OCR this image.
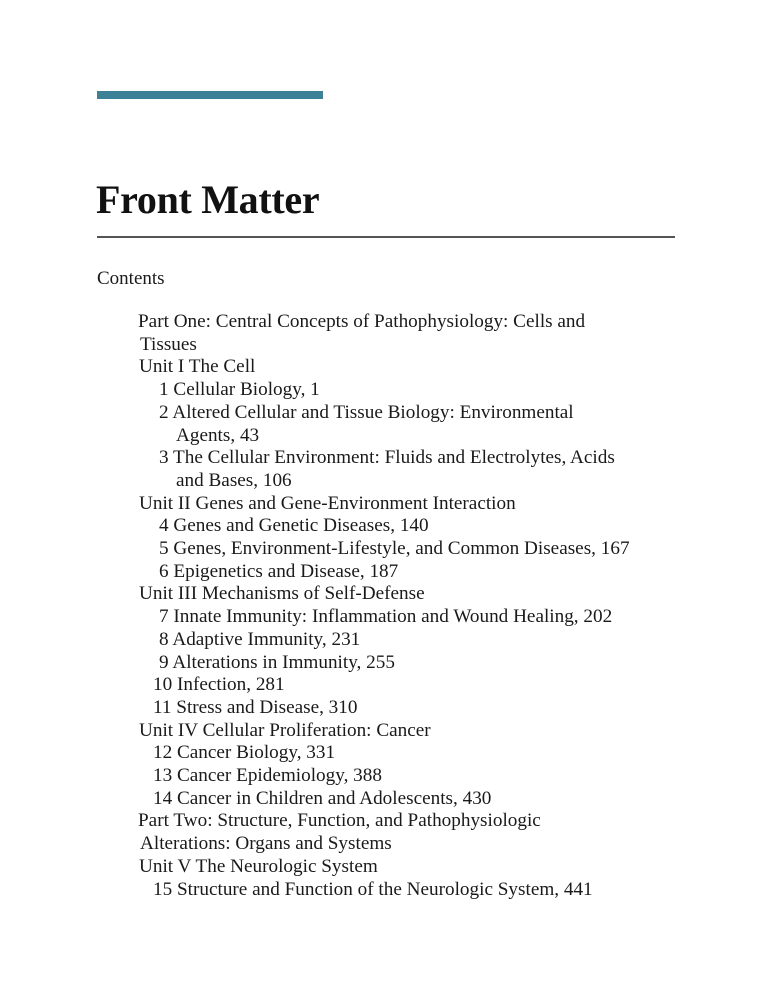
Front Matter
Contents
Part One: Central Concepts of Pathophysiology: Cells and
Tissues
Unit I The Cell
1 Cellular Biology, 1
2 Altered Cellular and Tissue Biology: Environmental
Agents, 43
3 The Cellular Environment: Fluids and Electrolytes, Acids
and Bases, 106
Unit II Genes and Gene-Environment Interaction
4 Genes and Genetic Diseases, 140
5 Genes, Environment-Lifestyle, and Common Diseases, 167
6 Epigenetics and Disease, 187
Unit III Mechanisms of Self-Defense
7 Innate Immunity: Inflammation and Wound Healing, 202
8 Adaptive Immunity, 231
9 Alterations in Immunity, 255
10 Infection, 281
11 Stress and Disease, 310
Unit IV Cellular Proliferation: Cancer
12 Cancer Biology, 331
13 Cancer Epidemiology, 388
14 Cancer in Children and Adolescents, 430
Part Two: Structure, Function, and Pathophysiologic
Alterations: Organs and Systems
Unit V The Neurologic System
15 Structure and Function of the Neurologic System, 441
